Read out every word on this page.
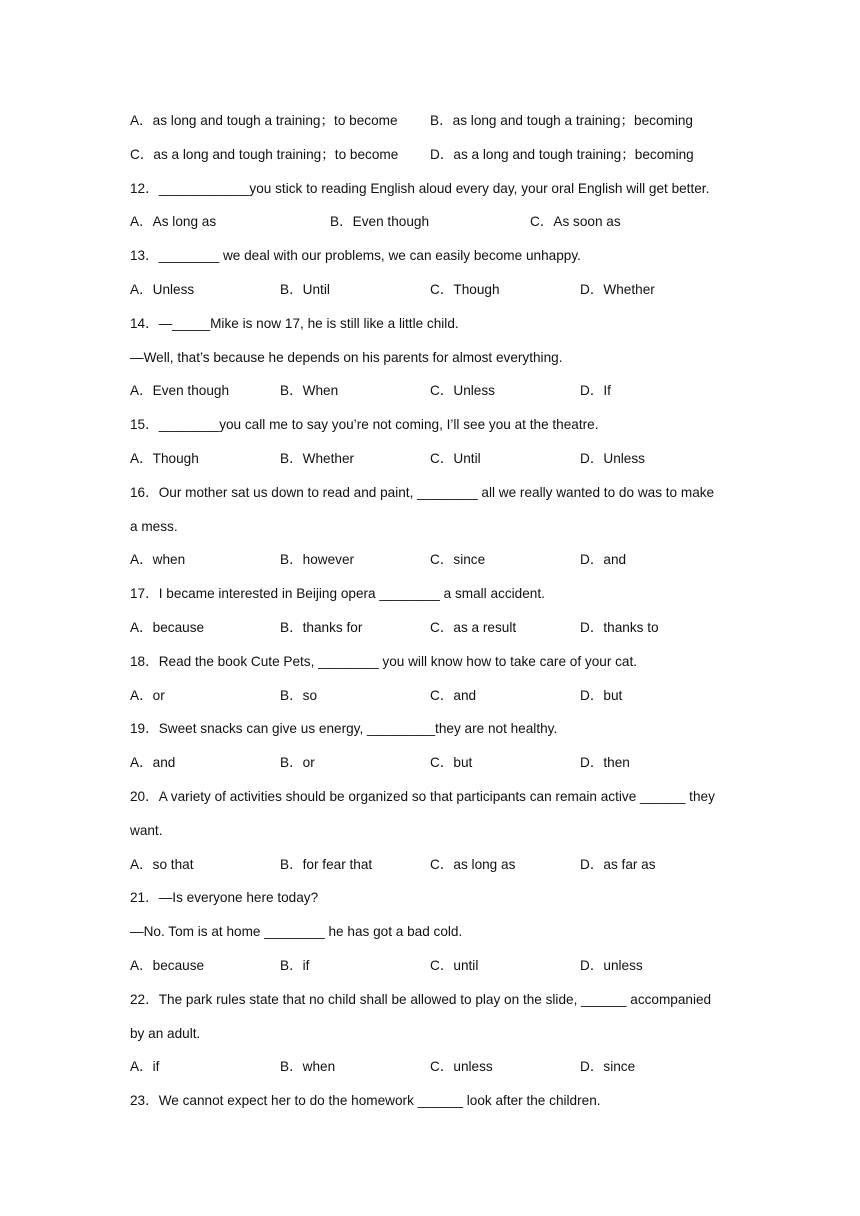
A．as long and tough a training；to become B．as long and tough a training；becoming
C．as a long and tough training；to become D．as a long and tough training；becoming
12．____________you stick to reading English aloud every day, your oral English will get better.
A．As long as	B．Even though	C．As soon as
13．________ we deal with our problems, we can easily become unhappy.
A．Unless	B．Until	C．Though	D．Whether
14．—_____Mike is now 17, he is still like a little child.
—Well, that’s because he depends on his parents for almost everything.
A．Even though	B．When	C．Unless	D．If
15．________you call me to say you’re not coming, I’ll see you at the theatre.
A．Though	B．Whether	C．Until	D．Unless
16．Our mother sat us down to read and paint, ________ all we really wanted to do was to make
a mess.
A．when	B．however	C．since	D．and
17．I became interested in Beijing opera ________ a small accident.
A．because	B．thanks for	C．as a result	D．thanks to
18．Read the book Cute Pets, ________ you will know how to take care of your cat.
A．or	B．so	C．and	D．but
19．Sweet snacks can give us energy, _________they are not healthy.
A．and	B．or	C．but	D．then
20．A variety of activities should be organized so that participants can remain active ______ they
want.
A．so that	B．for fear that	C．as long as	D．as far as
21．—Is everyone here today?
—No. Tom is at home ________ he has got a bad cold.
A．because	B．if	C．until	D．unless
22．The park rules state that no child shall be allowed to play on the slide, ______ accompanied
by an adult.
A．if	B．when	C．unless	D．since
23．We cannot expect her to do the homework ______ look after the children.
